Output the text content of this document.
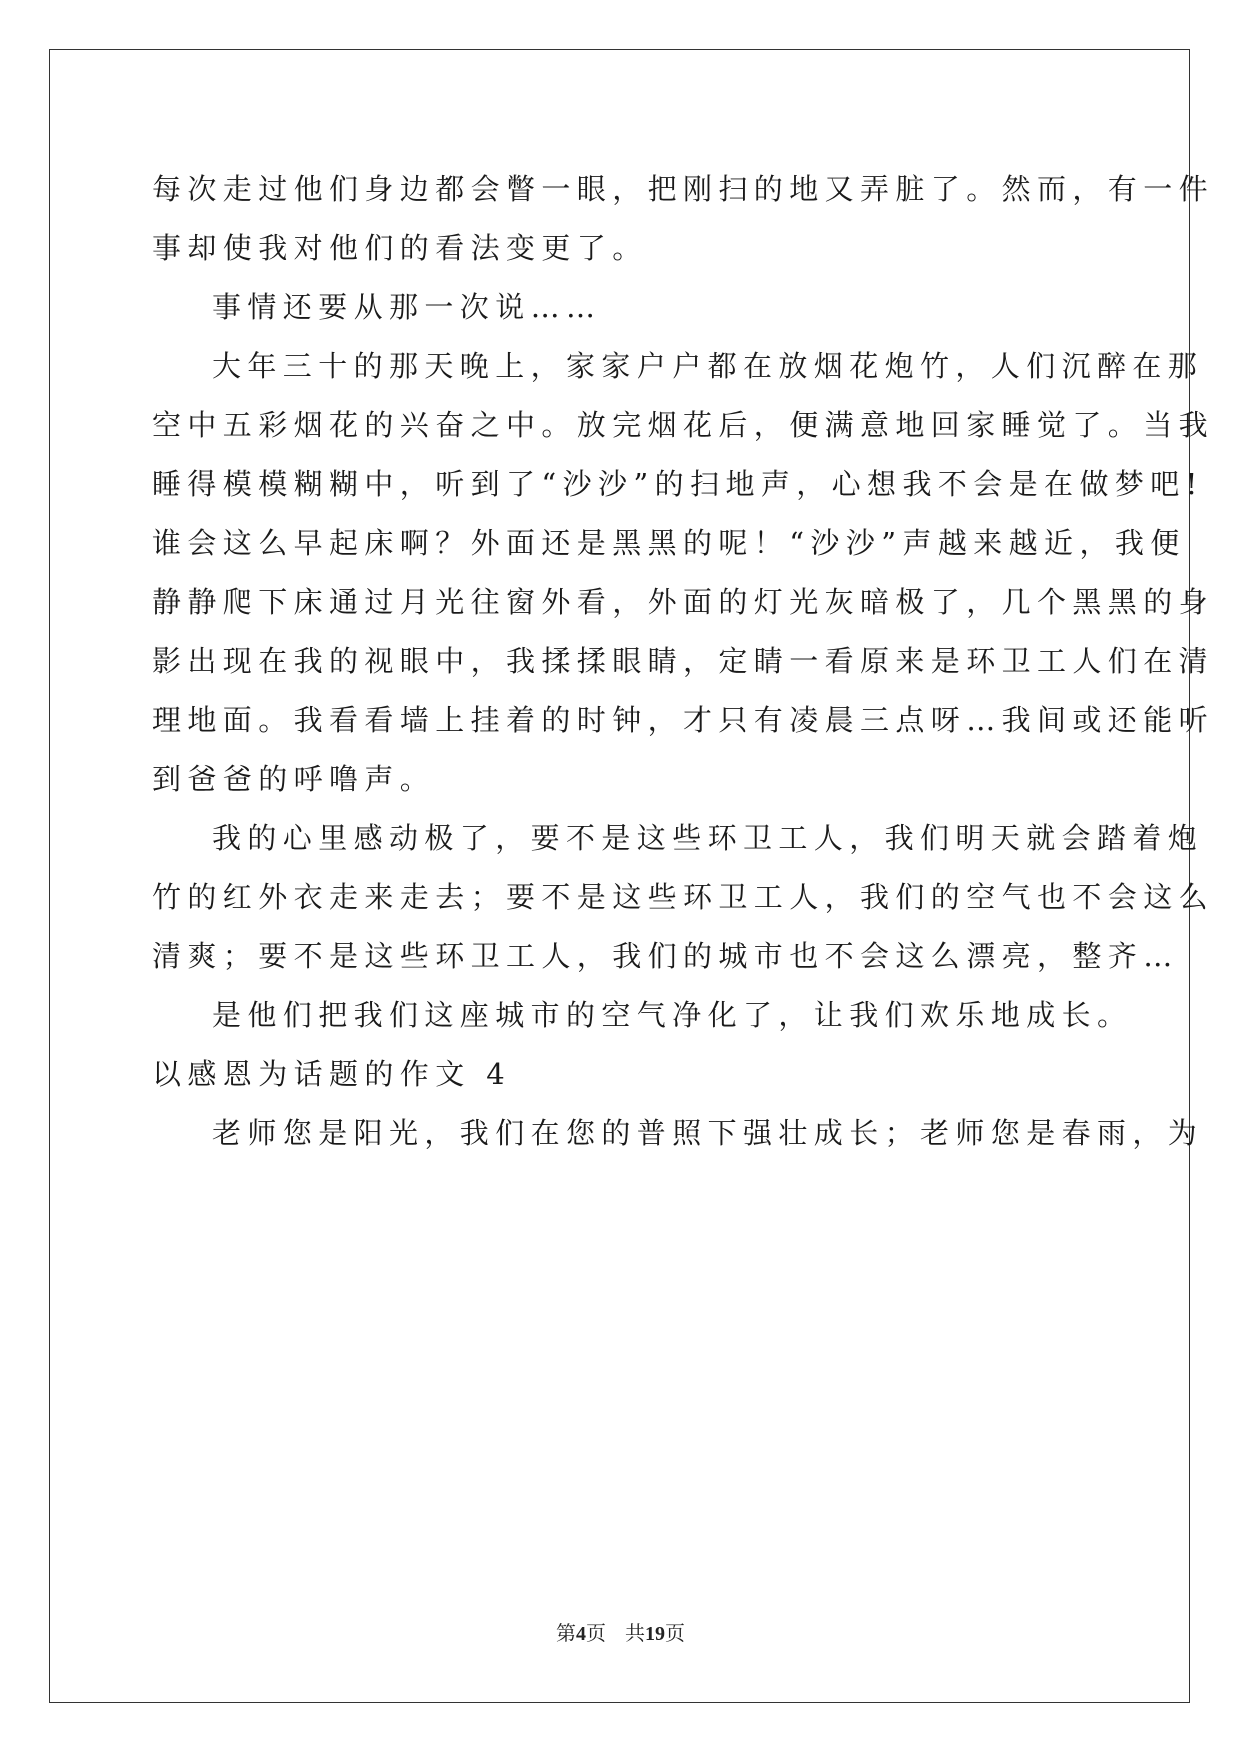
每次走过他们身边都会瞥一眼，把刚扫的地又弄脏了。然而，有一件
事却使我对他们的看法变更了。
事情还要从那一次说……
大年三十的那天晚上，家家户户都在放烟花炮竹，人们沉醉在那
空中五彩烟花的兴奋之中。放完烟花后，便满意地回家睡觉了。当我
睡得模模糊糊中，听到了“沙沙”的扫地声，心想我不会是在做梦吧!
谁会这么早起床啊？外面还是黑黑的呢！“沙沙”声越来越近，我便
静静爬下床通过月光往窗外看，外面的灯光灰暗极了，几个黑黑的身
影出现在我的视眼中，我揉揉眼睛，定睛一看原来是环卫工人们在清
理地面。我看看墙上挂着的时钟，才只有凌晨三点呀…我间或还能听
到爸爸的呼噜声。
我的心里感动极了，要不是这些环卫工人，我们明天就会踏着炮
竹的红外衣走来走去；要不是这些环卫工人，我们的空气也不会这么
清爽；要不是这些环卫工人，我们的城市也不会这么漂亮，整齐…
是他们把我们这座城市的空气净化了，让我们欢乐地成长。
以感恩为话题的作文 4
老师您是阳光，我们在您的普照下强壮成长；老师您是春雨，为
第4页 共19页
